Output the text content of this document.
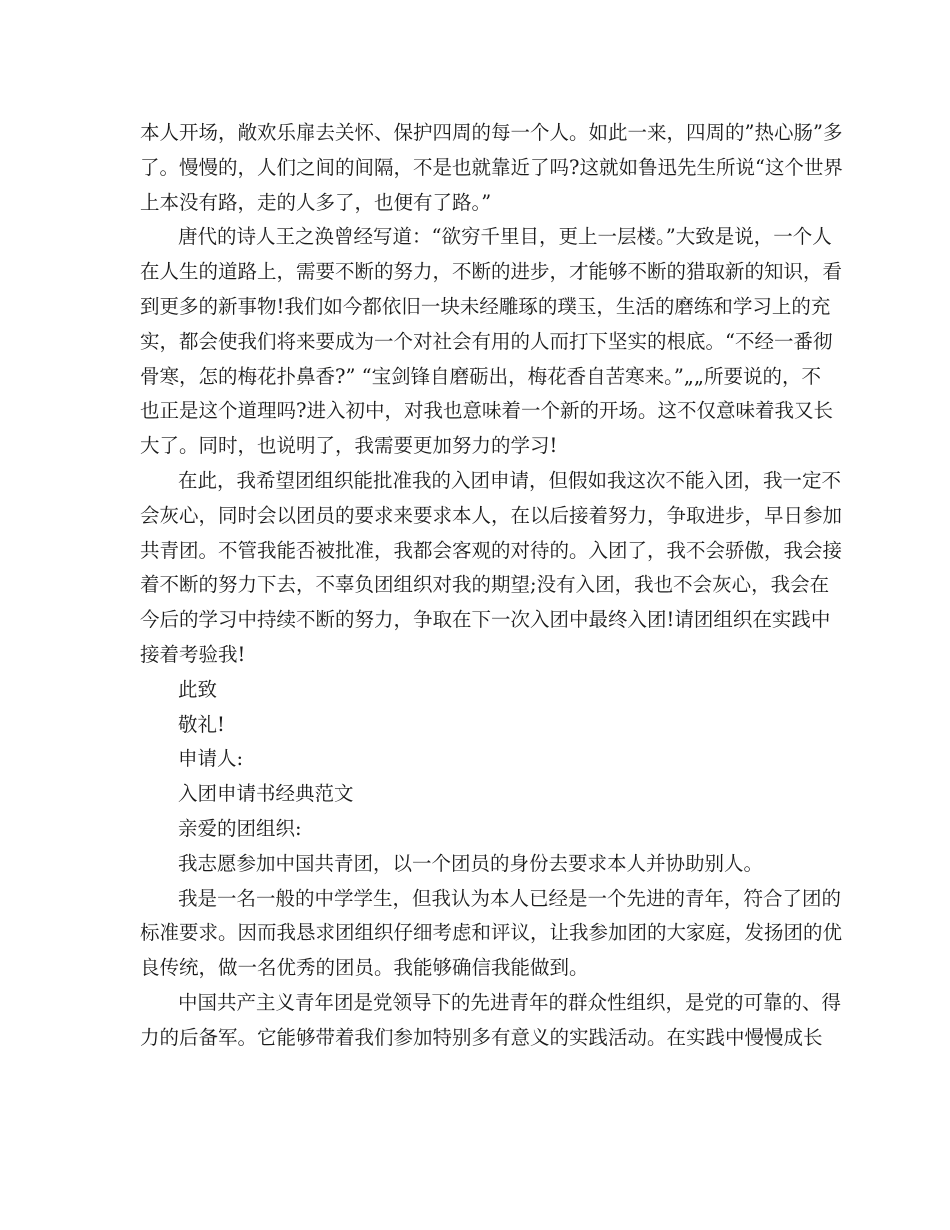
本人开场，敞欢乐扉去关怀、保护四周的每一个人。如此一来，四周的”热心肠”多
了。慢慢的，人们之间的间隔，不是也就靠近了吗?这就如鲁迅先生所说“这个世界
上本没有路，走的人多了，也便有了路。”
唐代的诗人王之涣曾经写道：“欲穷千里目，更上一层楼。”大致是说，一个人
在人生的道路上，需要不断的努力，不断的进步，才能够不断的猎取新的知识，看
到更多的新事物!我们如今都依旧一块未经雕琢的璞玉，生活的磨练和学习上的充
实，都会使我们将来要成为一个对社会有用的人而打下坚实的根底。“不经一番彻
骨寒，怎的梅花扑鼻香?” “宝剑锋自磨砺出，梅花香自苦寒来。”„„所要说的，不
也正是这个道理吗?进入初中，对我也意味着一个新的开场。这不仅意味着我又长
大了。同时，也说明了，我需要更加努力的学习!
在此，我希望团组织能批准我的入团申请，但假如我这次不能入团，我一定不
会灰心，同时会以团员的要求来要求本人，在以后接着努力，争取进步，早日参加
共青团。不管我能否被批准，我都会客观的对待的。入团了，我不会骄傲，我会接
着不断的努力下去，不辜负团组织对我的期望;没有入团，我也不会灰心，我会在
今后的学习中持续不断的努力，争取在下一次入团中最终入团!请团组织在实践中
接着考验我!
此致
敬礼!
申请人:
入团申请书经典范文
亲爱的团组织:
我志愿参加中国共青团，以一个团员的身份去要求本人并协助别人。
我是一名一般的中学学生，但我认为本人已经是一个先进的青年，符合了团的
标准要求。因而我恳求团组织仔细考虑和评议，让我参加团的大家庭，发扬团的优
良传统，做一名优秀的团员。我能够确信我能做到。
中国共产主义青年团是党领导下的先进青年的群众性组织，是党的可靠的、得
力的后备军。它能够带着我们参加特别多有意义的实践活动。在实践中慢慢成长
